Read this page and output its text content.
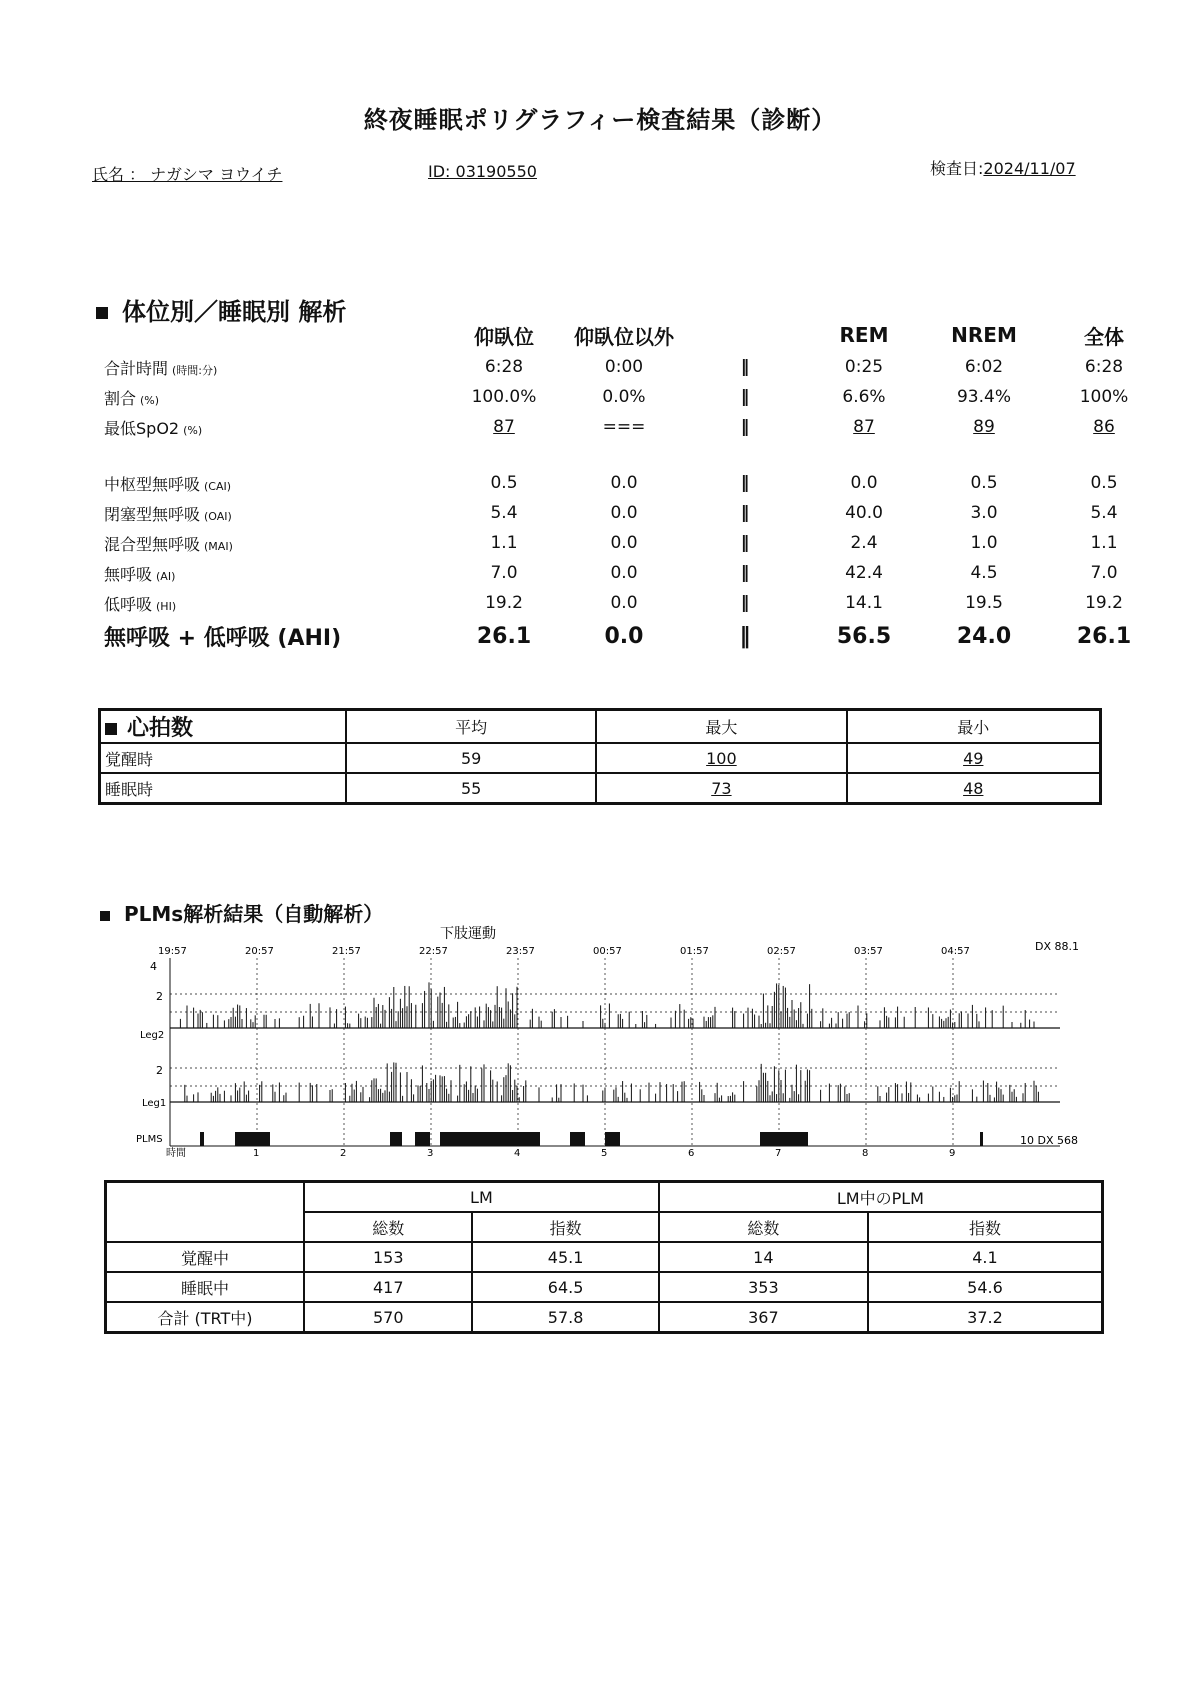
終夜睡眠ポリグラフィー検査結果（診断）
氏名 ： ナガシマ ヨウイチ	ID: 03190550	検査日:2024/11/07
体位別／睡眠別 解析
	仰臥位	仰臥位以外		REM	NREM	全体
合計時間 (時間:分)	6:28	0:00	‖	0:25	6:02	6:28
割合 (%)	100.0%	0.0%	‖	6.6%	93.4%	100%
最低SpO2 (%)	87	===	‖	87	89	86

中枢型無呼吸 (CAI)	0.5	0.0	‖	0.0	0.5	0.5
閉塞型無呼吸 (OAI)	5.4	0.0	‖	40.0	3.0	5.4
混合型無呼吸 (MAI)	1.1	0.0	‖	2.4	1.0	1.1
無呼吸 (AI)	7.0	0.0	‖	42.4	4.5	7.0
低呼吸 (HI)	19.2	0.0	‖	14.1	19.5	19.2
無呼吸 + 低呼吸 (AHI)	26.1	0.0	‖	56.5	24.0	26.1
心拍数	平均	最大	最小
覚醒時	59	100	49
睡眠時	55	73	48
PLMs解析結果（自動解析）
下肢運動
19:57	20:57	21:57	22:57	23:57	00:57	01:57	02:57	03:57	04:57	DX 88.1
4
2
Leg2
2
Leg1
PLMS
時間	1	2	3	4	5	6	7	8	9
10 DX 568
	LM		LM中のPLM	
	総数	指数	総数	指数
覚醒中	153	45.1	14	4.1
睡眠中	417	64.5	353	54.6
合計 (TRT中)	570	57.8	367	37.2
